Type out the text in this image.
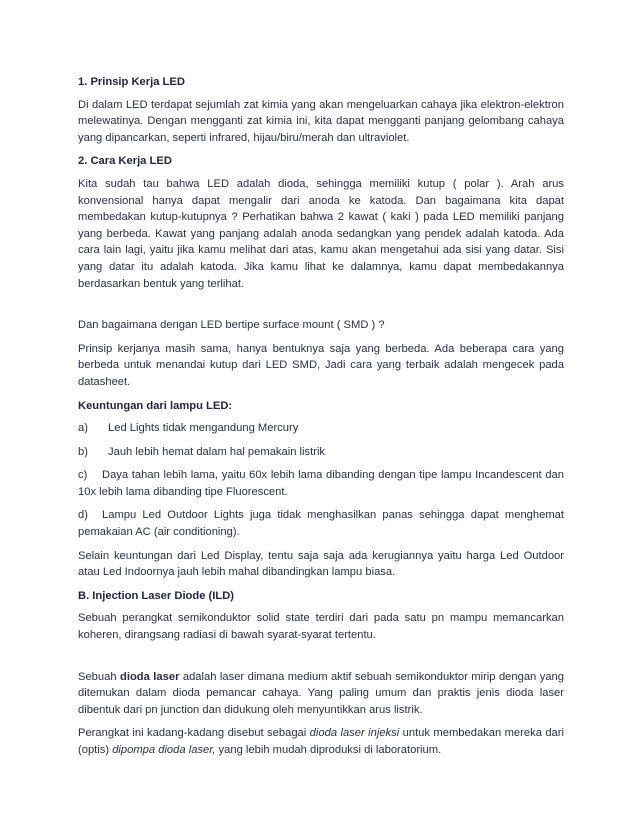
1. Prinsip Kerja LED

Di dalam LED terdapat sejumlah zat kimia yang akan mengeluarkan cahaya jika elektron-elektron melewatinya. Dengan mengganti zat kimia ini, kita dapat mengganti panjang gelombang cahaya yang dipancarkan, seperti infrared, hijau/biru/merah dan ultraviolet.

2. Cara Kerja LED

Kita sudah tau bahwa LED adalah dioda, sehingga memiliki kutup ( polar ). Arah arus konvensional hanya dapat mengalir dari anoda ke katoda. Dan bagaimana kita dapat membedakan kutup-kutupnya ? Perhatikan bahwa 2 kawat ( kaki ) pada LED memiliki panjang yang berbeda. Kawat yang panjang adalah anoda sedangkan yang pendek adalah katoda. Ada cara lain lagi, yaitu jika kamu melihat dari atas, kamu akan mengetahui ada sisi yang datar. Sisi yang datar itu adalah katoda. Jika kamu lihat ke dalamnya, kamu dapat membedakannya berdasarkan bentuk yang terlihat.

Dan bagaimana dengan LED bertipe surface mount ( SMD ) ?

Prinsip kerjanya masih sama, hanya bentuknya saja yang berbeda. Ada beberapa cara yang berbeda untuk menandai kutup dari LED SMD, Jadi cara yang terbaik adalah mengecek pada datasheet.

Keuntungan dari lampu LED:

a)	Led Lights tidak mengandung Mercury

b)	Jauh lebih hemat dalam hal pemakain listrik

c) Daya tahan lebih lama, yaitu 60x lebih lama dibanding dengan tipe lampu Incandescent dan 10x lebih lama dibanding tipe Fluorescent.

d) Lampu Led Outdoor Lights juga tidak menghasilkan panas sehingga dapat menghemat pemakaian AC (air conditioning).

Selain keuntungan dari Led Display, tentu saja saja ada kerugiannya yaitu harga Led Outdoor atau Led Indoornya jauh lebih mahal dibandingkan lampu biasa.

B. Injection Laser Diode (ILD)

Sebuah perangkat semikonduktor solid state terdiri dari pada satu pn mampu memancarkan koheren, dirangsang radiasi di bawah syarat-syarat tertentu.

Sebuah dioda laser adalah laser dimana medium aktif sebuah semikonduktor mirip dengan yang ditemukan dalam dioda pemancar cahaya. Yang paling umum dan praktis jenis dioda laser dibentuk dari pn junction dan didukung oleh menyuntikkan arus listrik.

Perangkat ini kadang-kadang disebut sebagai dioda laser injeksi untuk membedakan mereka dari (optis) dipompa dioda laser, yang lebih mudah diproduksi di laboratorium.
